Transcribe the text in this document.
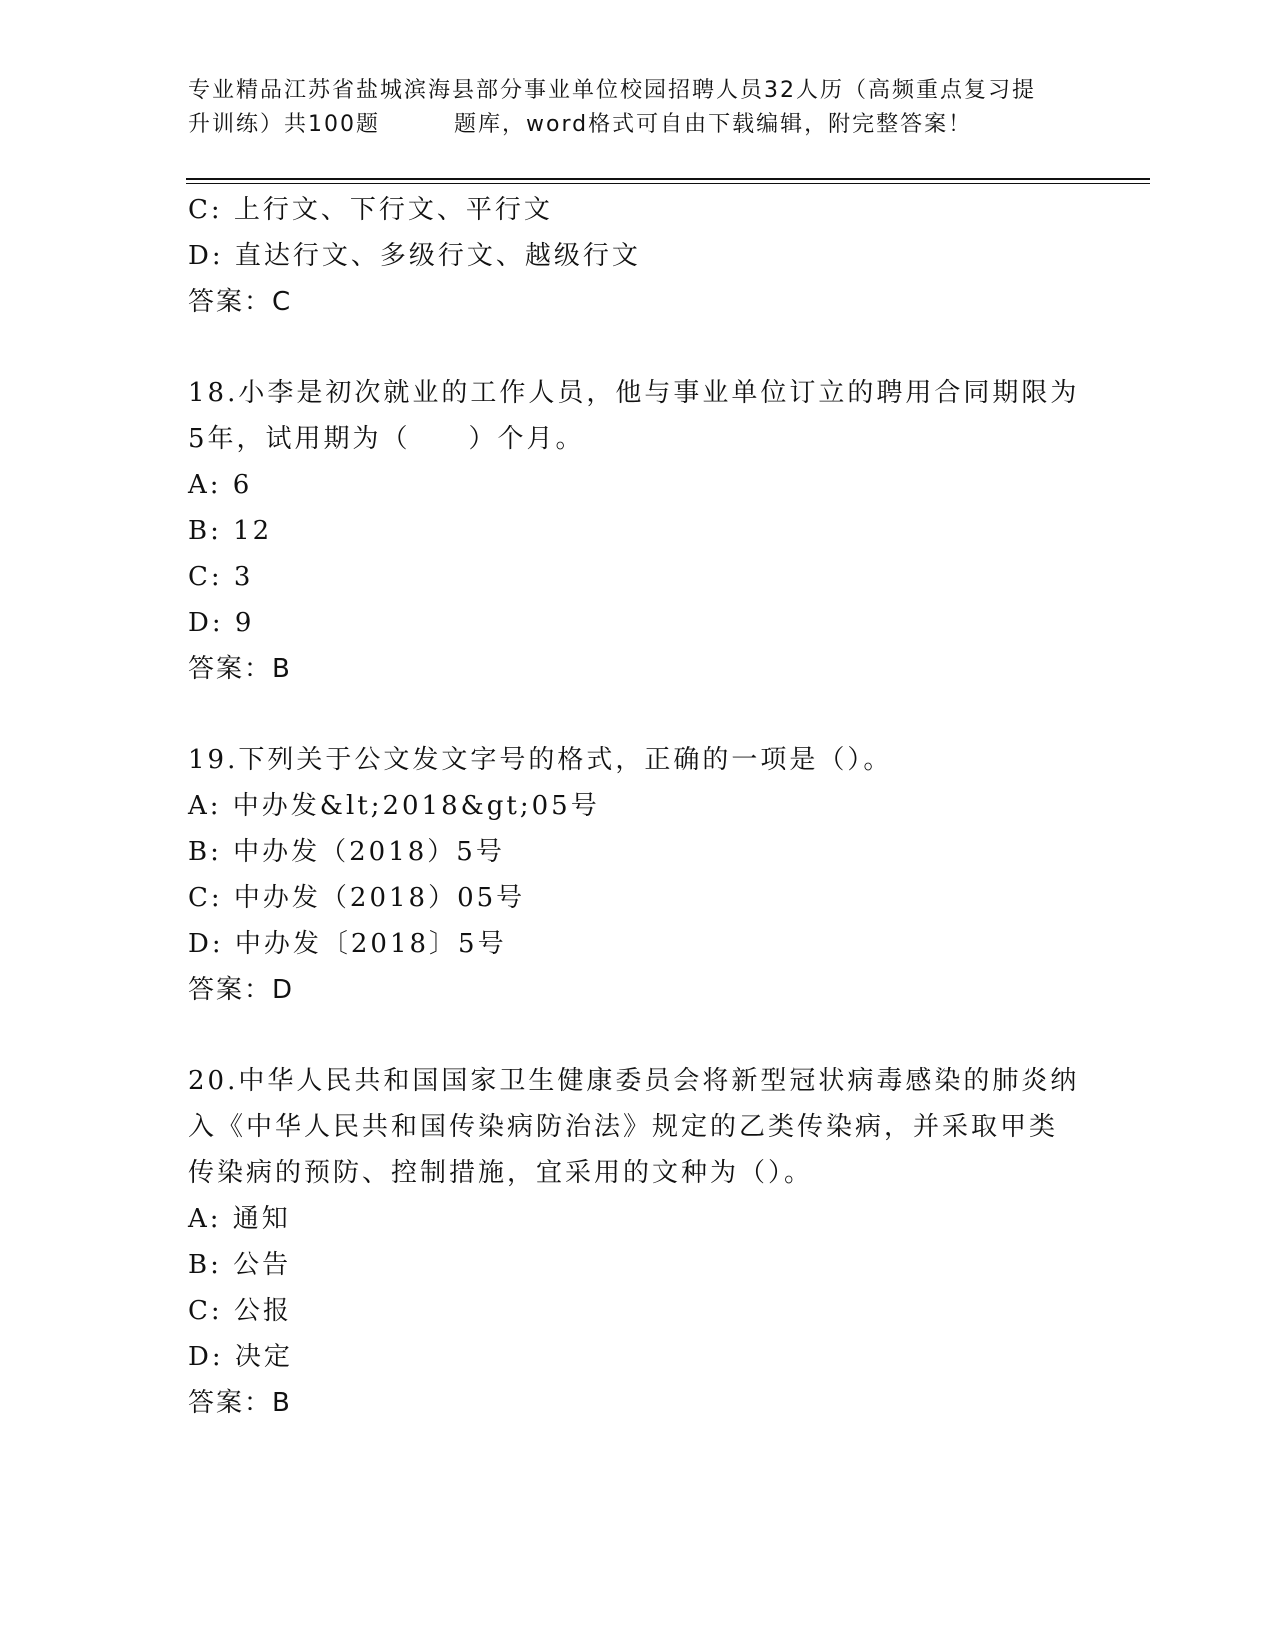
专业精品江苏省盐城滨海县部分事业单位校园招聘人员32人历（高频重点复习提
升训练）共100题	题库，word格式可自由下载编辑，附完整答案！
C: 上行文、下行文、平行文
D: 直达行文、多级行文、越级行文
答案：C
18.小李是初次就业的工作人员，他与事业单位订立的聘用合同期限为
5年，试用期为（　　）个月。
A: 6
B: 12
C: 3
D: 9
答案：B
19.下列关于公文发文字号的格式，正确的一项是（）。
A: 中办发&lt;2018&gt;05号
B: 中办发（2018）5号
C: 中办发（2018）05号
D: 中办发〔2018〕5号
答案：D
20.中华人民共和国国家卫生健康委员会将新型冠状病毒感染的肺炎纳
入《中华人民共和国传染病防治法》规定的乙类传染病，并采取甲类
传染病的预防、控制措施，宜采用的文种为（）。
A: 通知
B: 公告
C: 公报
D: 决定
答案：B
